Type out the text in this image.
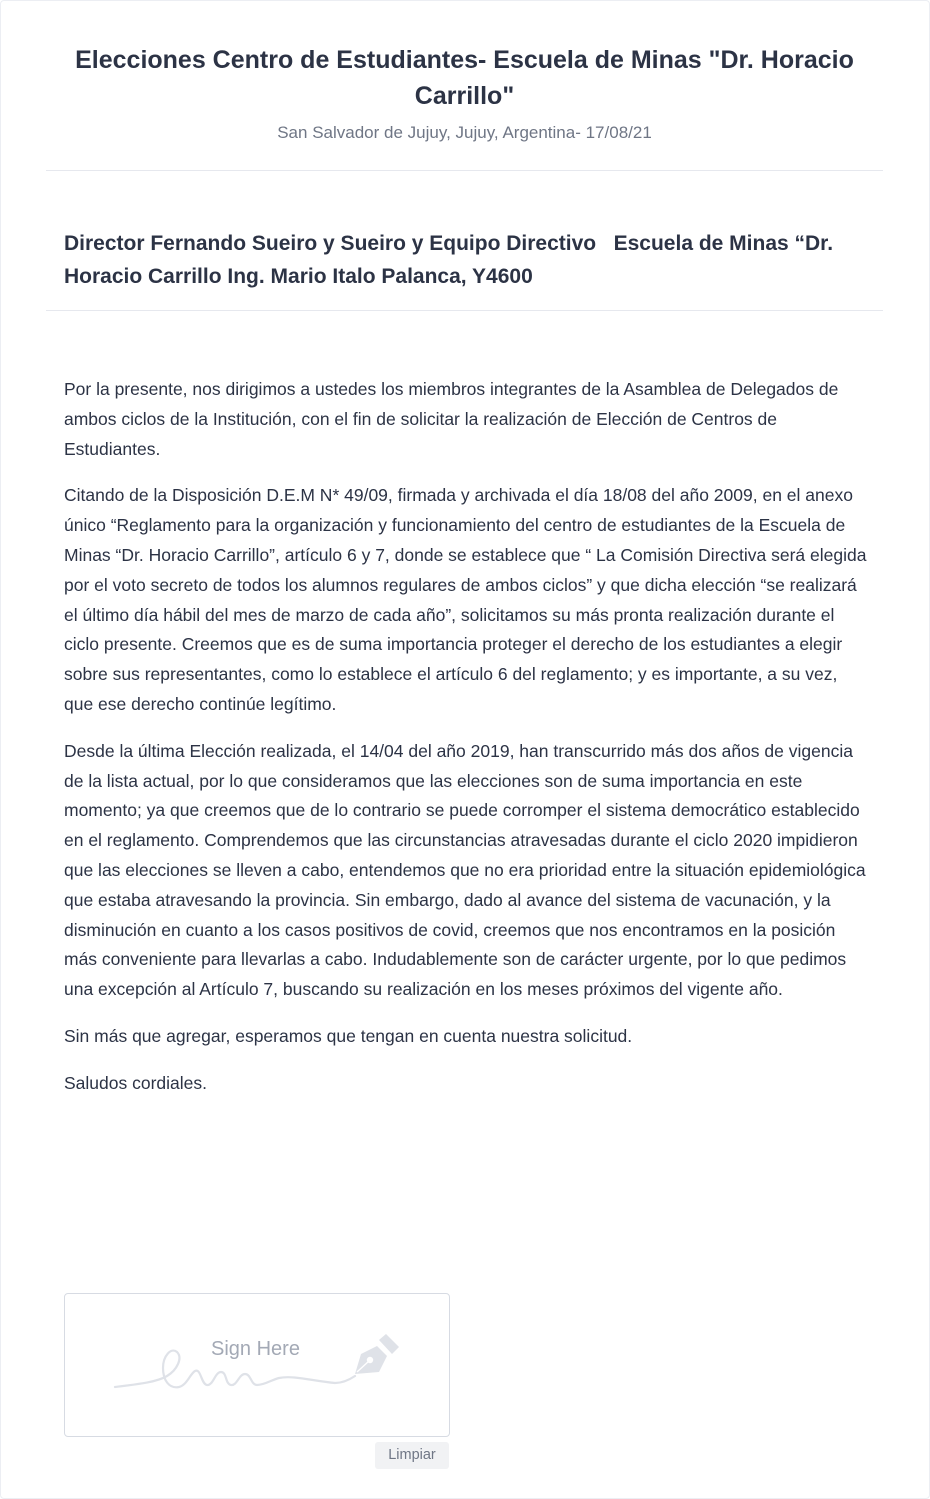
Elecciones Centro de Estudiantes- Escuela de Minas "Dr. Horacio Carrillo"

San Salvador de Jujuy, Jujuy, Argentina- 17/08/21

Director Fernando Sueiro y Sueiro y Equipo Directivo   Escuela de Minas “Dr. Horacio Carrillo Ing. Mario Italo Palanca, Y4600

Por la presente, nos dirigimos a ustedes los miembros integrantes de la Asamblea de Delegados de ambos ciclos de la Institución, con el fin de solicitar la realización de Elección de Centros de Estudiantes.

Citando de la Disposición D.E.M N* 49/09, firmada y archivada el día 18/08 del año 2009, en el anexo único “Reglamento para la organización y funcionamiento del centro de estudiantes de la Escuela de Minas “Dr. Horacio Carrillo”, artículo 6 y 7, donde se establece que “ La Comisión Directiva será elegida por el voto secreto de todos los alumnos regulares de ambos ciclos” y que dicha elección “se realizará el último día hábil del mes de marzo de cada año”, solicitamos su más pronta realización durante el ciclo presente. Creemos que es de suma importancia proteger el derecho de los estudiantes a elegir sobre sus representantes, como lo establece el artículo 6 del reglamento; y es importante, a su vez, que ese derecho continúe legítimo.

Desde la última Elección realizada, el 14/04 del año 2019, han transcurrido más dos años de vigencia de la lista actual, por lo que consideramos que las elecciones son de suma importancia en este momento; ya que creemos que de lo contrario se puede corromper el sistema democrático establecido en el reglamento. Comprendemos que las circunstancias atravesadas durante el ciclo 2020 impidieron que las elecciones se lleven a cabo, entendemos que no era prioridad entre la situación epidemiológica que estaba atravesando la provincia. Sin embargo, dado al avance del sistema de vacunación, y la disminución en cuanto a los casos positivos de covid, creemos que nos encontramos en la posición más conveniente para llevarlas a cabo. Indudablemente son de carácter urgente, por lo que pedimos una excepción al Artículo 7, buscando su realización en los meses próximos del vigente año.

Sin más que agregar, esperamos que tengan en cuenta nuestra solicitud.

Saludos cordiales.

Sign Here
Limpiar
